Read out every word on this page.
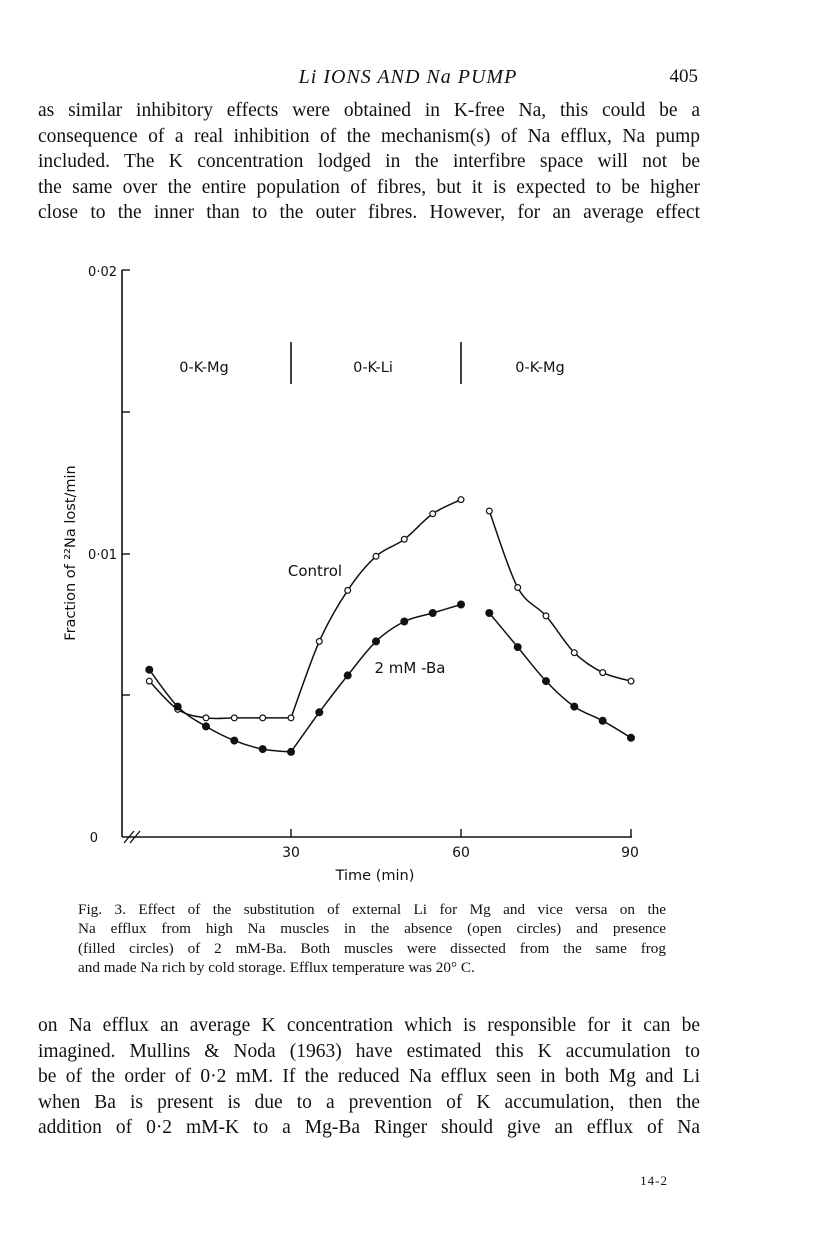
Li IONS AND Na PUMP	405
as similar inhibitory effects were obtained in K-free Na, this could be a
consequence of a real inhibition of the mechanism(s) of Na efflux, Na pump
included. The K concentration lodged in the interfibre space will not be
the same over the entire population of fibres, but it is expected to be higher
close to the inner than to the outer fibres. However, for an average effect
0·02
0·01
0
30	60	90
Time (min)
Fraction of ²²Na lost/min
0-K-Mg	0-K-Li	0-K-Mg
Control
2 mM -Ba
Fig. 3. Effect of the substitution of external Li for Mg and vice versa on the
Na efflux from high Na muscles in the absence (open circles) and presence
(filled circles) of 2 mM-Ba. Both muscles were dissected from the same frog
and made Na rich by cold storage. Efflux temperature was 20° C.
on Na efflux an average K concentration which is responsible for it can be
imagined. Mullins & Noda (1963) have estimated this K accumulation to
be of the order of 0·2 mM. If the reduced Na efflux seen in both Mg and Li
when Ba is present is due to a prevention of K accumulation, then the
addition of 0·2 mM-K to a Mg-Ba Ringer should give an efflux of Na
14-2
